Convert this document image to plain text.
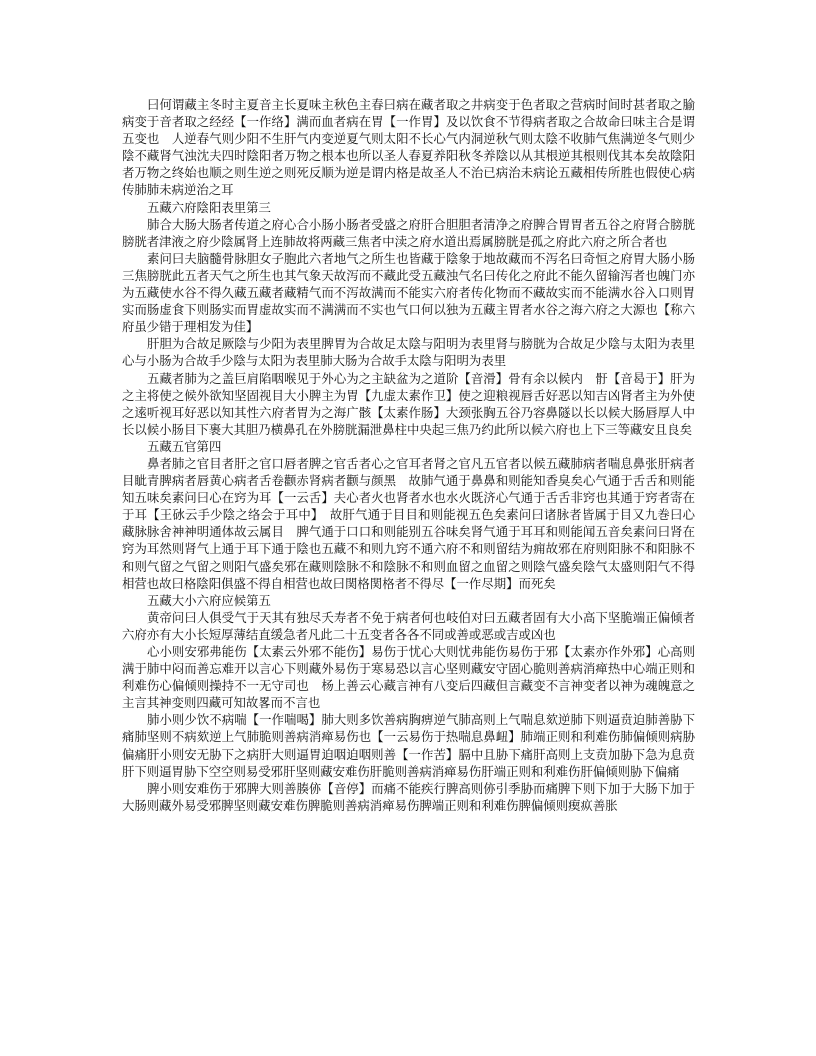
曰何谓藏主冬时主夏音主长夏味主秋色主春曰病在藏者取之井病变于色者取之营病时间时甚者取之腧病变于音者取之经经【一作络】满而血者病在胃【一作胃】及以饮食不节得病者取之合故命曰味主合是谓五变也　人逆春气则少阳不生肝气内变逆夏气则太阳不长心气内洞逆秋气则太陰不收肺气焦满逆冬气则少陰不藏肾气浊沈夫四时陰阳者万物之根本也所以圣人春夏养阳秋冬养陰以从其根逆其根则伐其本矣故陰阳者万物之终始也顺之则生逆之则死反顺为逆是谓内格是故圣人不治已病治未病论五藏相传所胜也假使心病传肺肺未病逆治之耳

五藏六府陰阳表里第三

肺合大肠大肠者传道之府心合小肠小肠者受盛之府肝合胆胆者清净之府脾合胃胃者五谷之府肾合膀胱膀胱者津液之府少陰属肾上连肺故将两藏三焦者中渎之府水道出焉属膀胱是孤之府此六府之所合者也

素问曰夫脑髓骨脉胆女子胞此六者地气之所生也皆藏于陰象于地故藏而不泻名曰奇恒之府胃大肠小肠三焦膀胱此五者天气之所生也其气象天故泻而不藏此受五藏浊气名曰传化之府此不能久留输泻者也魄门亦为五藏使水谷不得久藏五藏者藏精气而不泻故满而不能实六府者传化物而不藏故实而不能满水谷入口则胃实而肠虚食下则肠实而胃虚故实而不满满而不实也气口何以独为五藏主胃者水谷之海六府之大源也【称六府虽少错于理相发为佳】

肝胆为合故足厥陰与少阳为表里脾胃为合故足太陰与阳明为表里肾与膀胱为合故足少陰与太阳为表里心与小肠为合故手少陰与太阳为表里肺大肠为合故手太陰与阳明为表里

五藏者肺为之盖巨肩陷咽喉见于外心为之主缺盆为之道阶【音滑】骨有余以候内　骬【音曷于】肝为之主将使之候外欲知坚固视目大小脾主为胃【九虚太素作卫】使之迎粮视唇舌好恶以知吉凶肾者主为外使之逺听视耳好恶以知其性六府者胃为之海广骸【太素作肠】大颈张胸五谷乃容鼻隧以长以候大肠唇厚人中长以候小肠目下裹大其胆乃横鼻孔在外膀胱漏泄鼻柱中央起三焦乃约此所以候六府也上下三等藏安且良矣

五藏五官第四

鼻者肺之官目者肝之官口唇者脾之官舌者心之官耳者肾之官凡五官者以候五藏肺病者喘息鼻张肝病者目眦青脾病者唇黄心病者舌卷颧赤肾病者颧与颜黑　故肺气通于鼻鼻和则能知香臭矣心气通于舌舌和则能知五味矣素问曰心在窍为耳【一云舌】夫心者火也肾者水也水火既济心气通于舌舌非窍也其通于窍者寄在于耳【王砅云手少陰之络会于耳中】　故肝气通于目目和则能视五色矣素问曰诸脉者皆属于目又九巻曰心藏脉脉舍神神明通体故云属目　脾气通于口口和则能别五谷味矣肾气通于耳耳和则能闻五音矣素问曰肾在窍为耳然则肾气上通于耳下通于陰也五藏不和则九窍不通六府不和则留结为痈故邪在府则阳脉不和阳脉不和则气留之气留之则阳气盛矣邪在藏则陰脉不和陰脉不和则血留之血留之则陰气盛矣陰气太盛则阳气不得相营也故曰格陰阳俱盛不得自相营也故曰関格関格者不得尽【一作尽期】而死矣

五藏大小六府应候第五

黄帝问曰人俱受气于天其有独尽夭寿者不免于病者何也岐伯对曰五藏者固有大小高下坚脆端正偏倾者六府亦有大小长短厚薄结直缓急者凡此二十五变者各各不同或善或恶或吉或凶也

心小则安邪弗能伤【太素云外邪不能伤】易伤于忧心大则忧弗能伤易伤于邪【太素亦作外邪】心高则满于肺中闷而善忘难开以言心下则藏外易伤于寒易恐以言心坚则藏安守固心脆则善病消瘅热中心端正则和利难伤心偏倾则操持不一无守司也　杨上善云心藏言神有八变后四藏但言藏变不言神变者以神为魂魄意之主言其神变则四藏可知故畧而不言也

肺小则少饮不病喘【一作喘喝】肺大则多饮善病胸痹逆气肺高则上气喘息欬逆肺下则逼贲迫肺善胁下痛肺坚则不病欬逆上气肺脆则善病消瘅易伤也【一云易伤于热喘息鼻衄】肺端正则和利难伤肺偏倾则病胁偏痛肝小则安无胁下之病肝大则逼胃迫咽迫咽则善【一作苦】膈中且胁下痛肝高则上支贲加胁下急为息贲肝下则逼胃胁下空空则易受邪肝坚则藏安难伤肝脆则善病消瘅易伤肝端正则和利难伤肝偏倾则胁下偏痛

脾小则安难伤于邪脾大则善腠㑊【音停】而痛不能疾行脾高则㑊引季胁而痛脾下则下加于大肠下加于大肠则藏外易受邪脾坚则藏安难伤脾脆则善病消瘅易伤脾端正则和利难伤脾偏倾则瘈疭善胀
